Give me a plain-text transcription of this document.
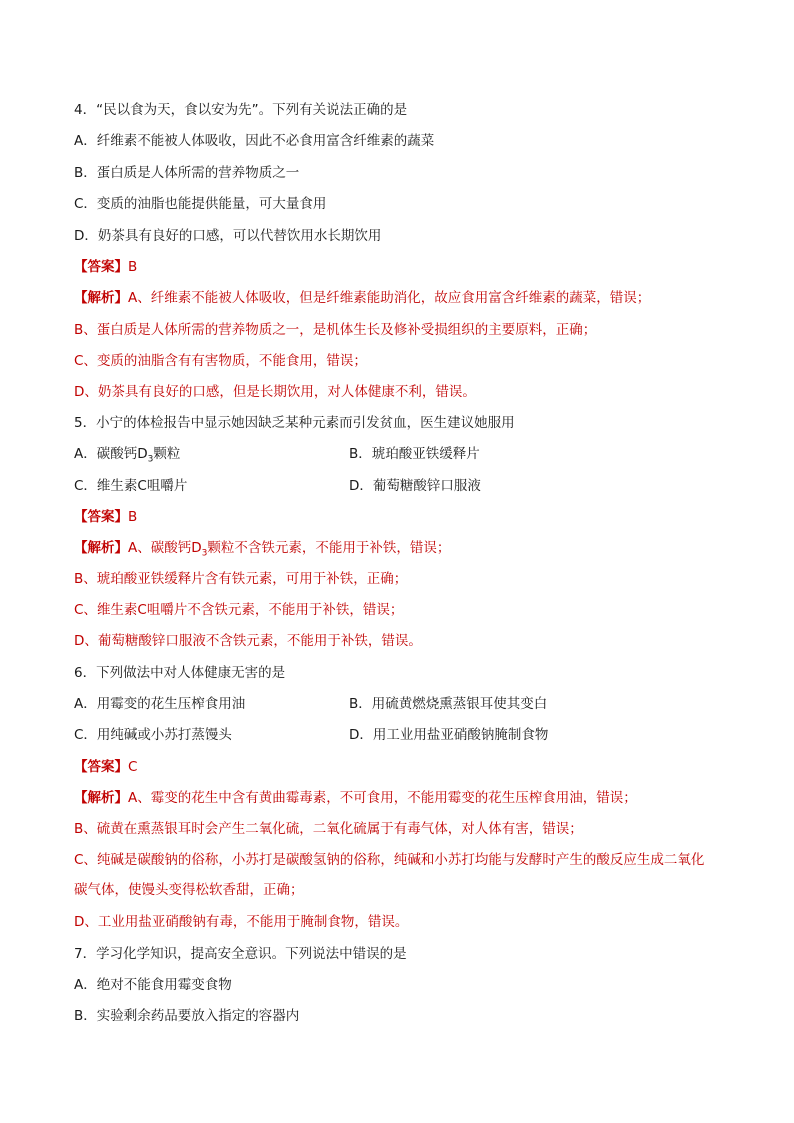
4．“民以食为天，食以安为先”。下列有关说法正确的是
A．纤维素不能被人体吸收，因此不必食用富含纤维素的蔬菜
B．蛋白质是人体所需的营养物质之一
C．变质的油脂也能提供能量，可大量食用
D．奶茶具有良好的口感，可以代替饮用水长期饮用
【答案】B
【解析】A、纤维素不能被人体吸收，但是纤维素能助消化，故应食用富含纤维素的蔬菜，错误；
B、蛋白质是人体所需的营养物质之一，是机体生长及修补受损组织的主要原料，正确；
C、变质的油脂含有有害物质，不能食用，错误；
D、奶茶具有良好的口感，但是长期饮用，对人体健康不利，错误。
5．小宁的体检报告中显示她因缺乏某种元素而引发贫血，医生建议她服用
A．碳酸钙$D_3$颗粒	B．琥珀酸亚铁缓释片
C．维生素C咀嚼片	D．葡萄糖酸锌口服液
【答案】B
【解析】A、碳酸钙$D_3$颗粒不含铁元素，不能用于补铁，错误；
B、琥珀酸亚铁缓释片含有铁元素，可用于补铁，正确；
C、维生素C咀嚼片不含铁元素，不能用于补铁，错误；
D、葡萄糖酸锌口服液不含铁元素，不能用于补铁，错误。
6．下列做法中对人体健康无害的是
A．用霉变的花生压榨食用油	B．用硫黄燃烧熏蒸银耳使其变白
C．用纯碱或小苏打蒸馒头	D．用工业用盐亚硝酸钠腌制食物
【答案】C
【解析】A、霉变的花生中含有黄曲霉毒素，不可食用，不能用霉变的花生压榨食用油，错误；
B、硫黄在熏蒸银耳时会产生二氧化硫，二氧化硫属于有毒气体，对人体有害，错误；
C、纯碱是碳酸钠的俗称，小苏打是碳酸氢钠的俗称，纯碱和小苏打均能与发酵时产生的酸反应生成二氧化
碳气体，使馒头变得松软香甜，正确；
D、工业用盐亚硝酸钠有毒，不能用于腌制食物，错误。
7．学习化学知识，提高安全意识。下列说法中错误的是
A．绝对不能食用霉变食物
B．实验剩余药品要放入指定的容器内
